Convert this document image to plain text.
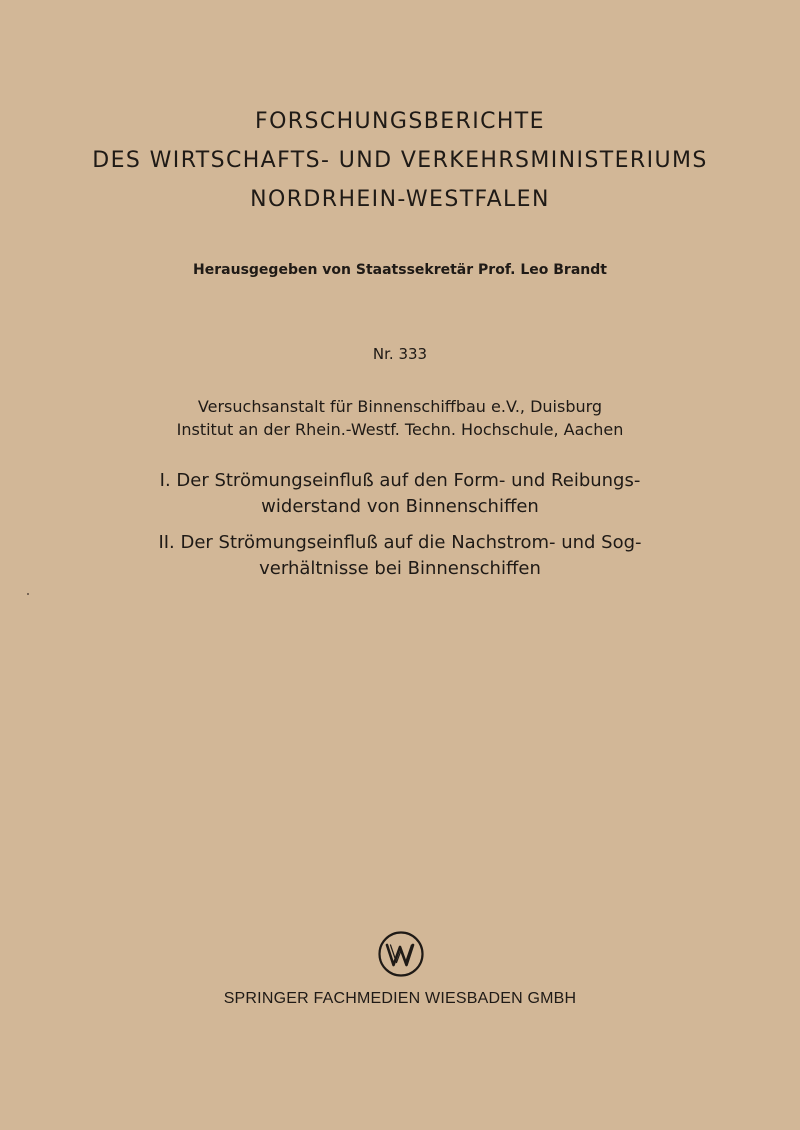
FORSCHUNGSBERICHTE
DES WIRTSCHAFTS- UND VERKEHRSMINISTERIUMS
NORDRHEIN-WESTFALEN
Herausgegeben von Staatssekretär Prof. Leo Brandt
Nr. 333
Versuchsanstalt für Binnenschiffbau e.V., Duisburg
Institut an der Rhein.-Westf. Techn. Hochschule, Aachen
I. Der Strömungseinfluß auf den Form- und Reibungs-
widerstand von Binnenschiffen
II. Der Strömungseinfluß auf die Nachstrom- und Sog-
verhältnisse bei Binnenschiffen
SPRINGER FACHMEDIEN WIESBADEN GMBH
